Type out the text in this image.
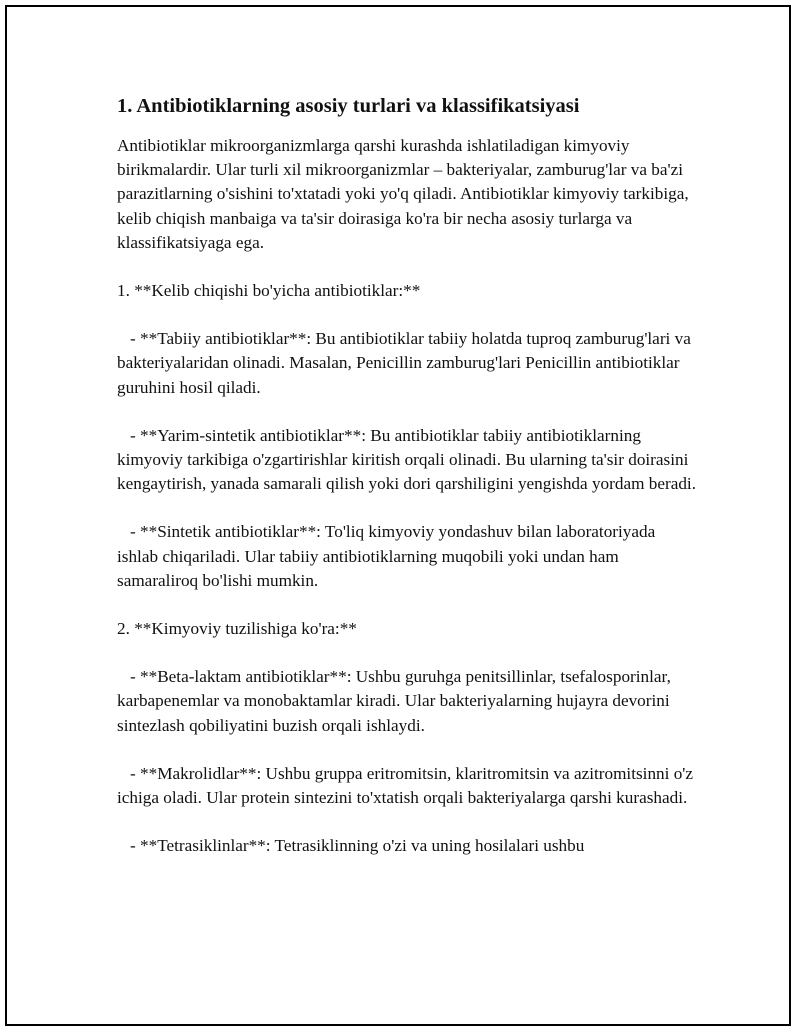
1. Antibiotiklarning asosiy turlari va klassifikatsiyasi

Antibiotiklar mikroorganizmlarga qarshi kurashda ishlatiladigan kimyoviy birikmalardir. Ular turli xil mikroorganizmlar – bakteriyalar, zamburug'lar va ba'zi parazitlarning o'sishini to'xtatadi yoki yo'q qiladi. Antibiotiklar kimyoviy tarkibiga, kelib chiqish manbaiga va ta'sir doirasiga ko'ra bir necha asosiy turlarga va klassifikatsiyaga ega.

1. **Kelib chiqishi bo'yicha antibiotiklar:**

- **Tabiiy antibiotiklar**: Bu antibiotiklar tabiiy holatda tuproq zamburug'lari va bakteriyalaridan olinadi. Masalan, Penicillin zamburug'lari Penicillin antibiotiklar guruhini hosil qiladi.

- **Yarim-sintetik antibiotiklar**: Bu antibiotiklar tabiiy antibiotiklarning kimyoviy tarkibiga o'zgartirishlar kiritish orqali olinadi. Bu ularning ta'sir doirasini kengaytirish, yanada samarali qilish yoki dori qarshiligini yengishda yordam beradi.

- **Sintetik antibiotiklar**: To'liq kimyoviy yondashuv bilan laboratoriyada ishlab chiqariladi. Ular tabiiy antibiotiklarning muqobili yoki undan ham samaraliroq bo'lishi mumkin.

2. **Kimyoviy tuzilishiga ko'ra:**

- **Beta-laktam antibiotiklar**: Ushbu guruhga penitsillinlar, tsefalosporinlar, karbapenemlar va monobaktamlar kiradi. Ular bakteriyalarning hujayra devorini sintezlash qobiliyatini buzish orqali ishlaydi.

- **Makrolidlar**: Ushbu gruppa eritromitsin, klaritromitsin va azitromitsinni o'z ichiga oladi. Ular protein sintezini to'xtatish orqali bakteriyalarga qarshi kurashadi.

- **Tetrasiklinlar**: Tetrasiklinning o'zi va uning hosilalari ushbu
